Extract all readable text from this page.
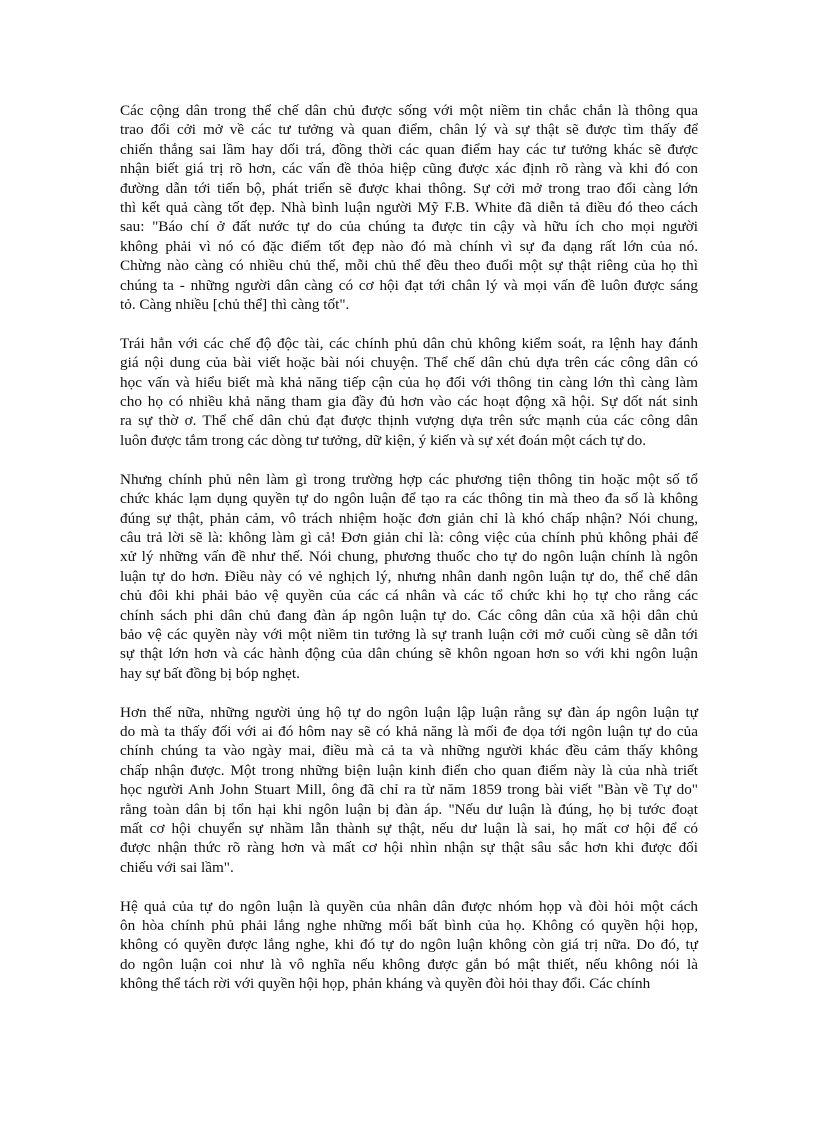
Các cộng dân trong thể chế dân chủ được sống với một niềm tin chắc chắn là thông qua
trao đổi cởi mở về các tư tưởng và quan điểm, chân lý và sự thật sẽ được tìm thấy để
chiến thắng sai lầm hay dối trá, đồng thời các quan điểm hay các tư tưởng khác sẽ được
nhận biết giá trị rõ hơn, các vấn đề thỏa hiệp cũng được xác định rõ ràng và khi đó con
đường dẫn tới tiến bộ, phát triển sẽ được khai thông. Sự cởi mở trong trao đổi càng lớn
thì kết quả càng tốt đẹp. Nhà bình luận người Mỹ F.B. White đã diễn tả điều đó theo cách
sau: "Báo chí ở đất nước tự do của chúng ta được tin cậy và hữu ích cho mọi người
không phải vì nó có đặc điểm tốt đẹp nào đó mà chính vì sự đa dạng rất lớn của nó.
Chừng nào càng có nhiều chủ thể, mỗi chủ thể đều theo đuổi một sự thật riêng của họ thì
chúng ta - những người dân càng có cơ hội đạt tới chân lý và mọi vấn đề luôn được sáng
tỏ. Càng nhiều [chủ thể] thì càng tốt".
Trái hẳn với các chế độ độc tài, các chính phủ dân chủ không kiểm soát, ra lệnh hay đánh
giá nội dung của bài viết hoặc bài nói chuyện. Thể chế dân chủ dựa trên các công dân có
học vấn và hiểu biết mà khả năng tiếp cận của họ đối với thông tin càng lớn thì càng làm
cho họ có nhiều khả năng tham gia đầy đủ hơn vào các hoạt động xã hội. Sự dốt nát sinh
ra sự thờ ơ. Thể chế dân chủ đạt được thịnh vượng dựa trên sức mạnh của các công dân
luôn được tắm trong các dòng tư tưởng, dữ kiện, ý kiến và sự xét đoán một cách tự do.
Nhưng chính phủ nên làm gì trong trường hợp các phương tiện thông tin hoặc một số tổ
chức khác lạm dụng quyền tự do ngôn luận để tạo ra các thông tin mà theo đa số là không
đúng sự thật, phản cảm, vô trách nhiệm hoặc đơn giản chỉ là khó chấp nhận? Nói chung,
câu trả lời sẽ là: không làm gì cả! Đơn giản chỉ là: công việc của chính phủ không phải để
xử lý những vấn đề như thế. Nói chung, phương thuốc cho tự do ngôn luận chính là ngôn
luận tự do hơn. Điều này có vẻ nghịch lý, nhưng nhân danh ngôn luận tự do, thể chế dân
chủ đôi khi phải bảo vệ quyền của các cá nhân và các tổ chức khi họ tự cho rằng các
chính sách phi dân chủ đang đàn áp ngôn luận tự do. Các công dân của xã hội dân chủ
bảo vệ các quyền này với một niềm tin tưởng là sự tranh luận cởi mở cuối cùng sẽ dẫn tới
sự thật lớn hơn và các hành động của dân chúng sẽ khôn ngoan hơn so với khi ngôn luận
hay sự bất đồng bị bóp nghẹt.
Hơn thế nữa, những người ủng hộ tự do ngôn luận lập luận rằng sự đàn áp ngôn luận tự
do mà ta thấy đối với ai đó hôm nay sẽ có khả năng là mối đe dọa tới ngôn luận tự do của
chính chúng ta vào ngày mai, điều mà cả ta và những người khác đều cảm thấy không
chấp nhận được. Một trong những biện luận kinh điển cho quan điểm này là của nhà triết
học người Anh John Stuart Mill, ông đã chỉ ra từ năm 1859 trong bài viết "Bàn về Tự do"
rằng toàn dân bị tổn hại khi ngôn luận bị đàn áp. "Nếu dư luận là đúng, họ bị tước đoạt
mất cơ hội chuyển sự nhầm lẫn thành sự thật, nếu dư luận là sai, họ mất cơ hội để có
được nhận thức rõ ràng hơn và mất cơ hội nhìn nhận sự thật sâu sắc hơn khi được đối
chiếu với sai lầm".
Hệ quả của tự do ngôn luận là quyền của nhân dân được nhóm họp và đòi hỏi một cách
ôn hòa chính phủ phải lắng nghe những mối bất bình của họ. Không có quyền hội họp,
không có quyền được lắng nghe, khi đó tự do ngôn luận không còn giá trị nữa. Do đó, tự
do ngôn luận coi như là vô nghĩa nếu không được gắn bó mật thiết, nếu không nói là
không thể tách rời với quyền hội họp, phản kháng và quyền đòi hỏi thay đổi. Các chính
